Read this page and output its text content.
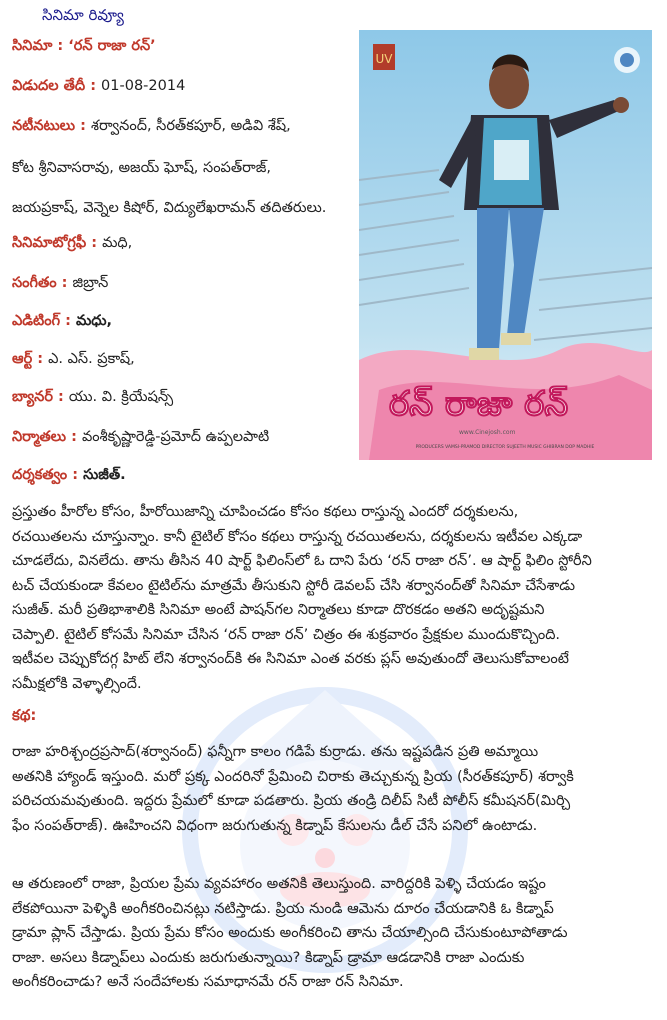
సినిమా రివ్యూ
సినిమా : ‘రన్ రాజా రన్’
విడుదల తేదీ : 01-08-2014
నటీనటులు : శర్వానంద్, సీరత్‌కపూర్, అడివి శేష్,
కోట శ్రీనివాసరావు, అజయ్ ఘోష్, సంపత్‌రాజ్,
జయప్రకాష్, వెన్నెల కిషోర్, విద్యులేఖరామన్ తదితరులు.
సినిమాటోగ్రఫీ : మధి,
సంగీతం : జిబ్రాన్
ఎడిటింగ్ : మధు,
ఆర్ట్ : ఎ. ఎస్. ప్రకాష్,
బ్యానర్ : యు. వి. క్రియేషన్స్
నిర్మాతలు : వంశీకృష్ణారెడ్డి-ప్రమోద్ ఉప్పలపాటి
దర్శకత్వం : సుజీత్.
UV
రన్ రాజా రన్
www.Cinejosh.com
PRODUCERS VAMSI-PRAMOD DIRECTOR SUJEETH MUSIC GHIBRAN DOP MADHIE
ప్రస్తుతం హీరోల కోసం, హీరోయిజాన్ని చూపించడం కోసం కథలు రాస్తున్న ఎందరో దర్శకులను,
రచయితలను చూస్తున్నాం. కానీ టైటిల్ కోసం కథలు రాస్తున్న రచయితలను, దర్శకులను ఇటీవల ఎక్కడా
చూడలేదు, వినలేదు. తాను తీసిన 40 షార్ట్ ఫిలింస్‌లో ఓ దాని పేరు ‘రన్ రాజా రన్’. ఆ షార్ట్ ఫిలిం స్టోరీని
టచ్ చేయకుండా కేవలం టైటిల్‌ను మాత్రమే తీసుకుని స్టోరీ డెవలప్ చేసి శర్వానంద్‌తో సినిమా చేసేశాడు
సుజీత్. మరీ ప్రతిభాశాలికి సినిమా అంటే పాషన్‌గల నిర్మాతలు కూడా దొరకడం అతని అదృష్టమని
చెప్పాలి. టైటిల్ కోసమే సినిమా చేసిన ‘రన్ రాజా రన్’ చిత్రం ఈ శుక్రవారం ప్రేక్షకుల ముందుకొచ్చింది.
ఇటీవల చెప్పుకోదగ్గ హిట్ లేని శర్వానంద్‌కి ఈ సినిమా ఎంత వరకు ప్లస్ అవుతుందో తెలుసుకోవాలంటే
సమీక్షలోకి వెళ్ళాల్సిందే.
కథ:
రాజా హరిశ్చంద్రప్రసాద్(శర్వానంద్) ఫన్నీగా కాలం గడిపే కుర్రాడు. తను ఇష్టపడిన ప్రతి అమ్మాయి
అతనికి హ్యాండ్ ఇస్తుంది. మరో ప్రక్క ఎందరినో ప్రేమించి చిరాకు తెచ్చుకున్న ప్రియ (సీరత్‌కపూర్) శర్వాకి
పరిచయమవుతుంది. ఇద్దరు ప్రేమలో కూడా పడతారు. ప్రియ తండ్రి దిలీప్ సిటీ పోలీస్ కమీషనర్(మిర్చి
ఫేం సంపత్‌రాజ్). ఊహించని విధంగా జరుగుతున్న కిడ్నాప్ కేసులను డీల్ చేసే పనిలో ఉంటాడు.
ఆ తరుణంలో రాజా, ప్రియల ప్రేమ వ్యవహారం అతనికి తెలుస్తుంది. వారిద్దరికి పెళ్ళి చేయడం ఇష్టం
లేకపోయినా పెళ్ళికి అంగీకరించినట్లు నటిస్తాడు. ప్రియ నుండి ఆమెను దూరం చేయడానికి ఓ కిడ్నాప్
డ్రామా ప్లాన్ చేస్తాడు. ప్రియ ప్రేమ కోసం అందుకు అంగీకరించి తాను చేయాల్సింది చేసుకుంటూపోతాడు
రాజా. అసలు కిడ్నాప్‌లు ఎందుకు జరుగుతున్నాయి? కిడ్నాప్ డ్రామా ఆడడానికి రాజా ఎందుకు
అంగీకరించాడు? అనే సందేహాలకు సమాధానమే రన్ రాజా రన్ సినిమా.
